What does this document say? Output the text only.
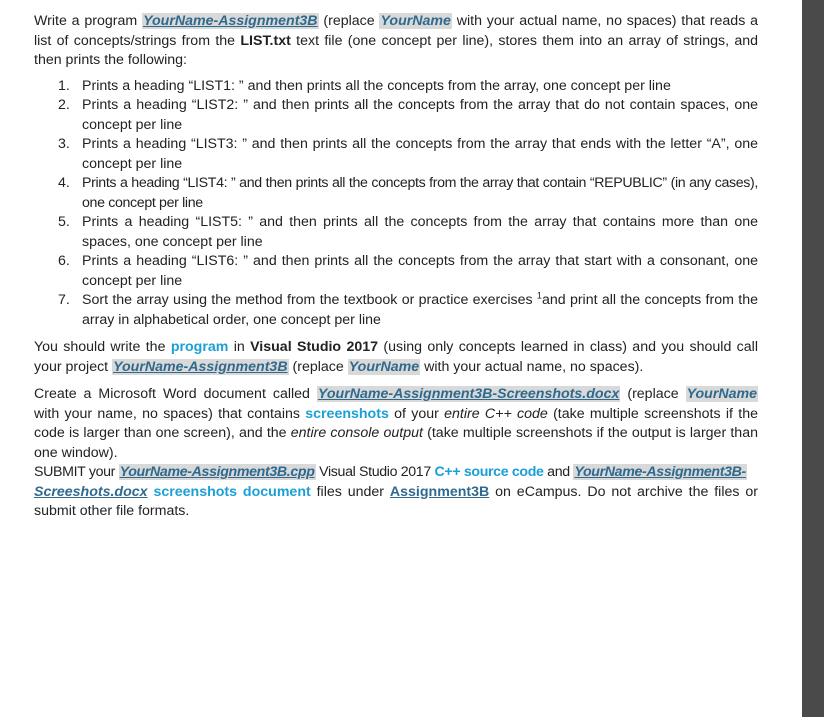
Write a program YourName-Assignment3B (replace YourName with your actual name, no spaces) that reads a list of concepts/strings from the LIST.txt text file (one concept per line), stores them into an array of strings, and then prints the following:

1. Prints a heading “LIST1: ” and then prints all the concepts from the array, one concept per line
2. Prints a heading “LIST2: ” and then prints all the concepts from the array that do not contain spaces, one concept per line
3. Prints a heading “LIST3: ” and then prints all the concepts from the array that ends with the letter “A”, one concept per line
4. Prints a heading “LIST4: ” and then prints all the concepts from the array that contain “REPUBLIC” (in any cases), one concept per line
5. Prints a heading “LIST5: ” and then prints all the concepts from the array that contains more than one spaces, one concept per line
6. Prints a heading “LIST6: ” and then prints all the concepts from the array that start with a consonant, one concept per line
7. Sort the array using the method from the textbook or practice exercises $^1$and print all the concepts from the array in alphabetical order, one concept per line

You should write the program in Visual Studio 2017 (using only concepts learned in class) and you should call your project YourName-Assignment3B (replace YourName with your actual name, no spaces).

Create a Microsoft Word document called YourName-Assignment3B-Screenshots.docx (replace YourName with your name, no spaces) that contains screenshots of your entire C++ code (take multiple screenshots if the code is larger than one screen), and the entire console output (take multiple screenshots if the output is larger than one window).

SUBMIT your YourName-Assignment3B.cpp Visual Studio 2017 C++ source code and YourName-Assignment3B-
Screeshots.docx screenshots document files under Assignment3B on eCampus. Do not archive the files or submit other file formats.
